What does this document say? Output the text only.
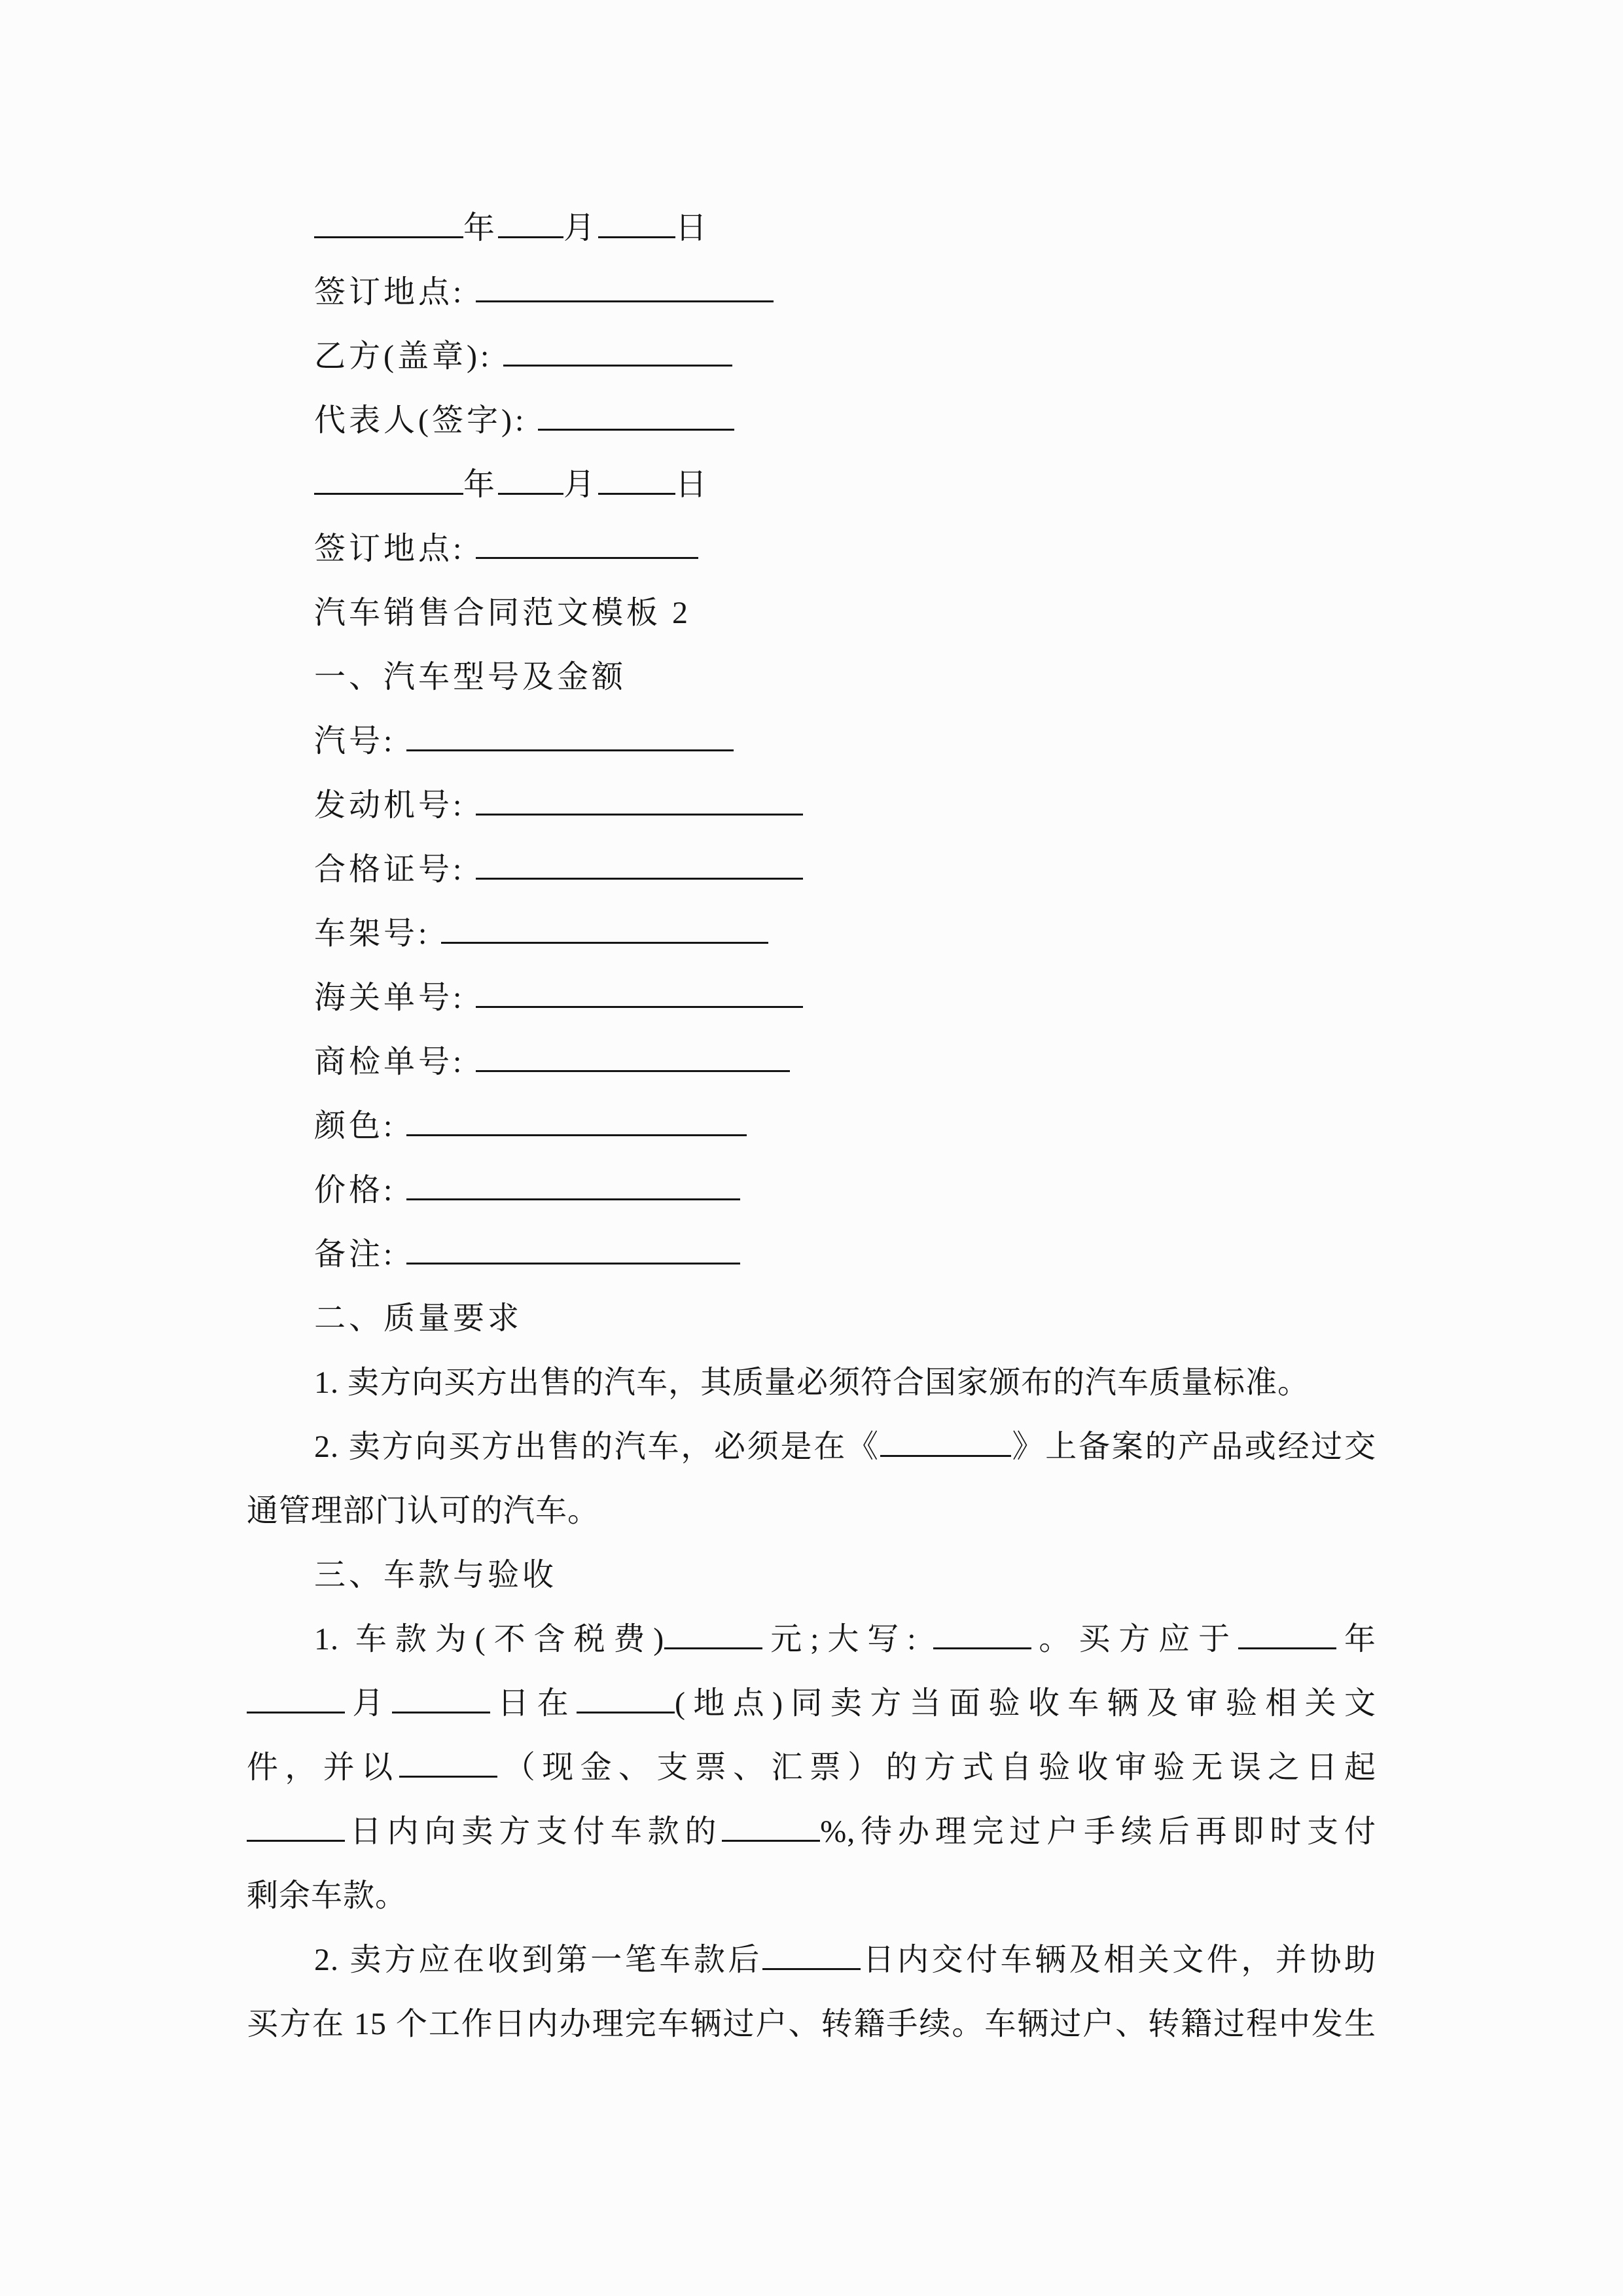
年 月 日
签订地点:
乙方(盖章):
代表人(签字):
年 月 日
签订地点:
汽车销售合同范文模板 2
一、汽车型号及金额
汽号:
发动机号:
合格证号:
车架号:
海关单号:
商检单号:
颜色:
价格:
备注:
二、质量要求
1. 卖方向买方出售的汽车，其质量必须符合国家颁布的汽车质量标准。
2. 卖方向买方出售的汽车，必须是在《	》上备案的产品或经过交
通管理部门认可的汽车。
三、车款与验收
1. 车款为(不含税费)	元;大写:	。买方应于	年
月	日在	(地点)同卖方当面验收车辆及审验相关文
件，并以	（现金、支票、汇票）的方式自验收审验无误之日起
日内向卖方支付车款的	%,待办理完过户手续后再即时支付
剩余车款。
2. 卖方应在收到第一笔车款后	日内交付车辆及相关文件，并协助
买方在 15 个工作日内办理完车辆过户、转籍手续。车辆过户、转籍过程中发生
